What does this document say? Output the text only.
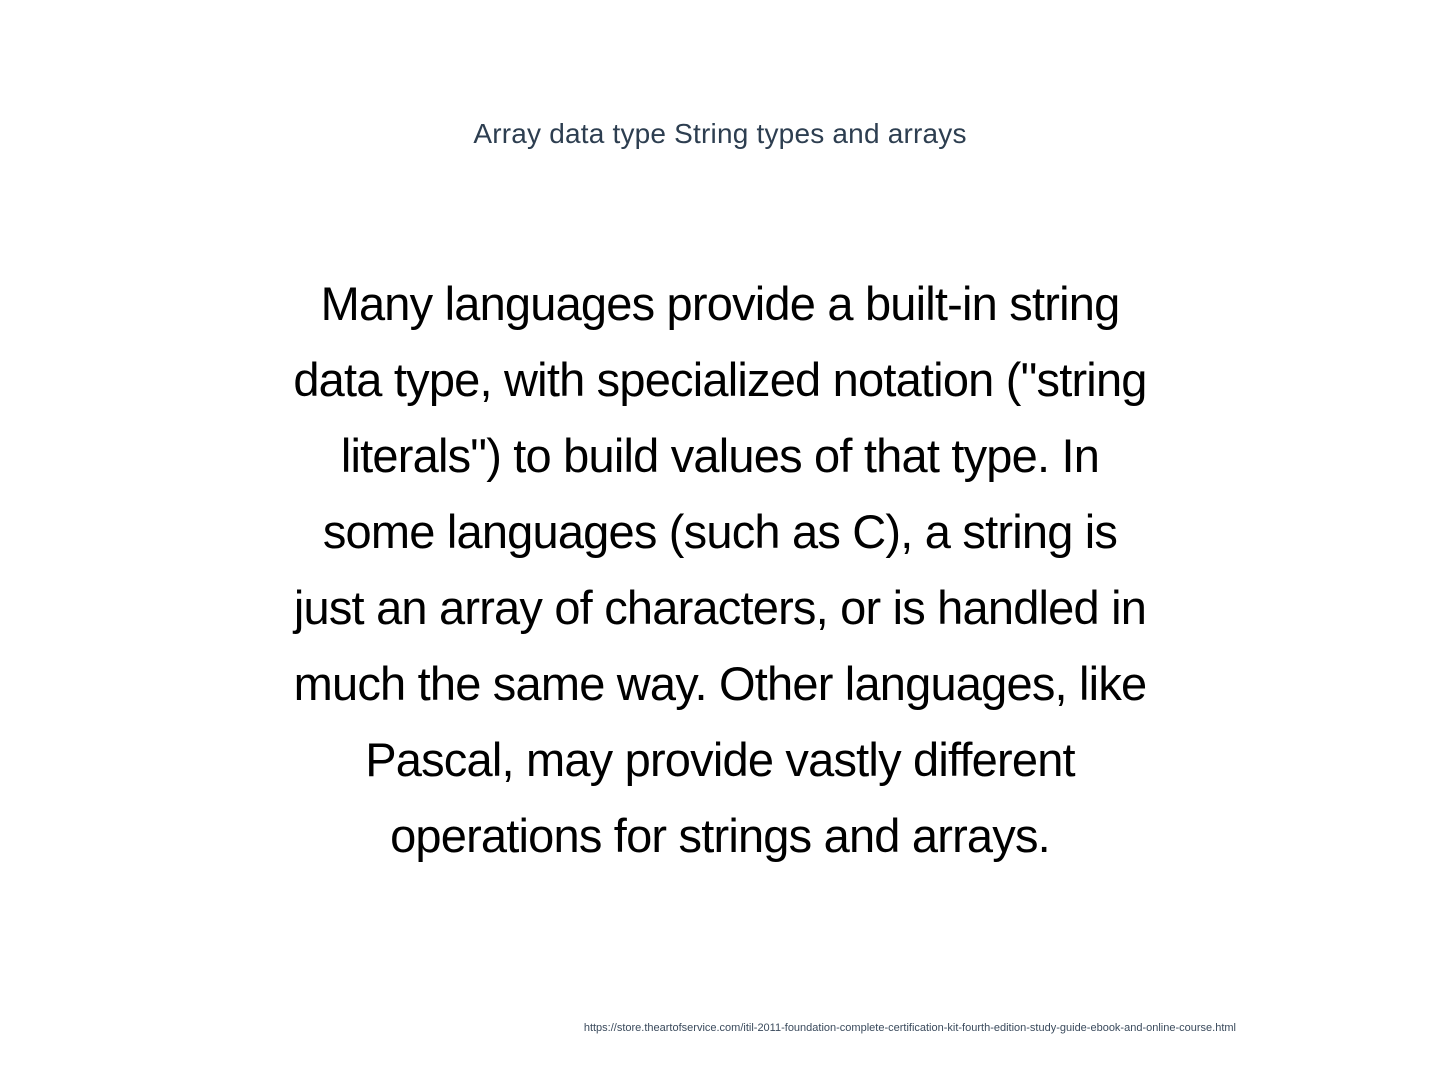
Array data type String types and arrays
Many languages provide a built-in string
data type, with specialized notation ("string
literals") to build values of that type. In
some languages (such as C), a string is
just an array of characters, or is handled in
much the same way. Other languages, like
Pascal, may provide vastly different
operations for strings and arrays.
https://store.theartofservice.com/itil-2011-foundation-complete-certification-kit-fourth-edition-study-guide-ebook-and-online-course.html
